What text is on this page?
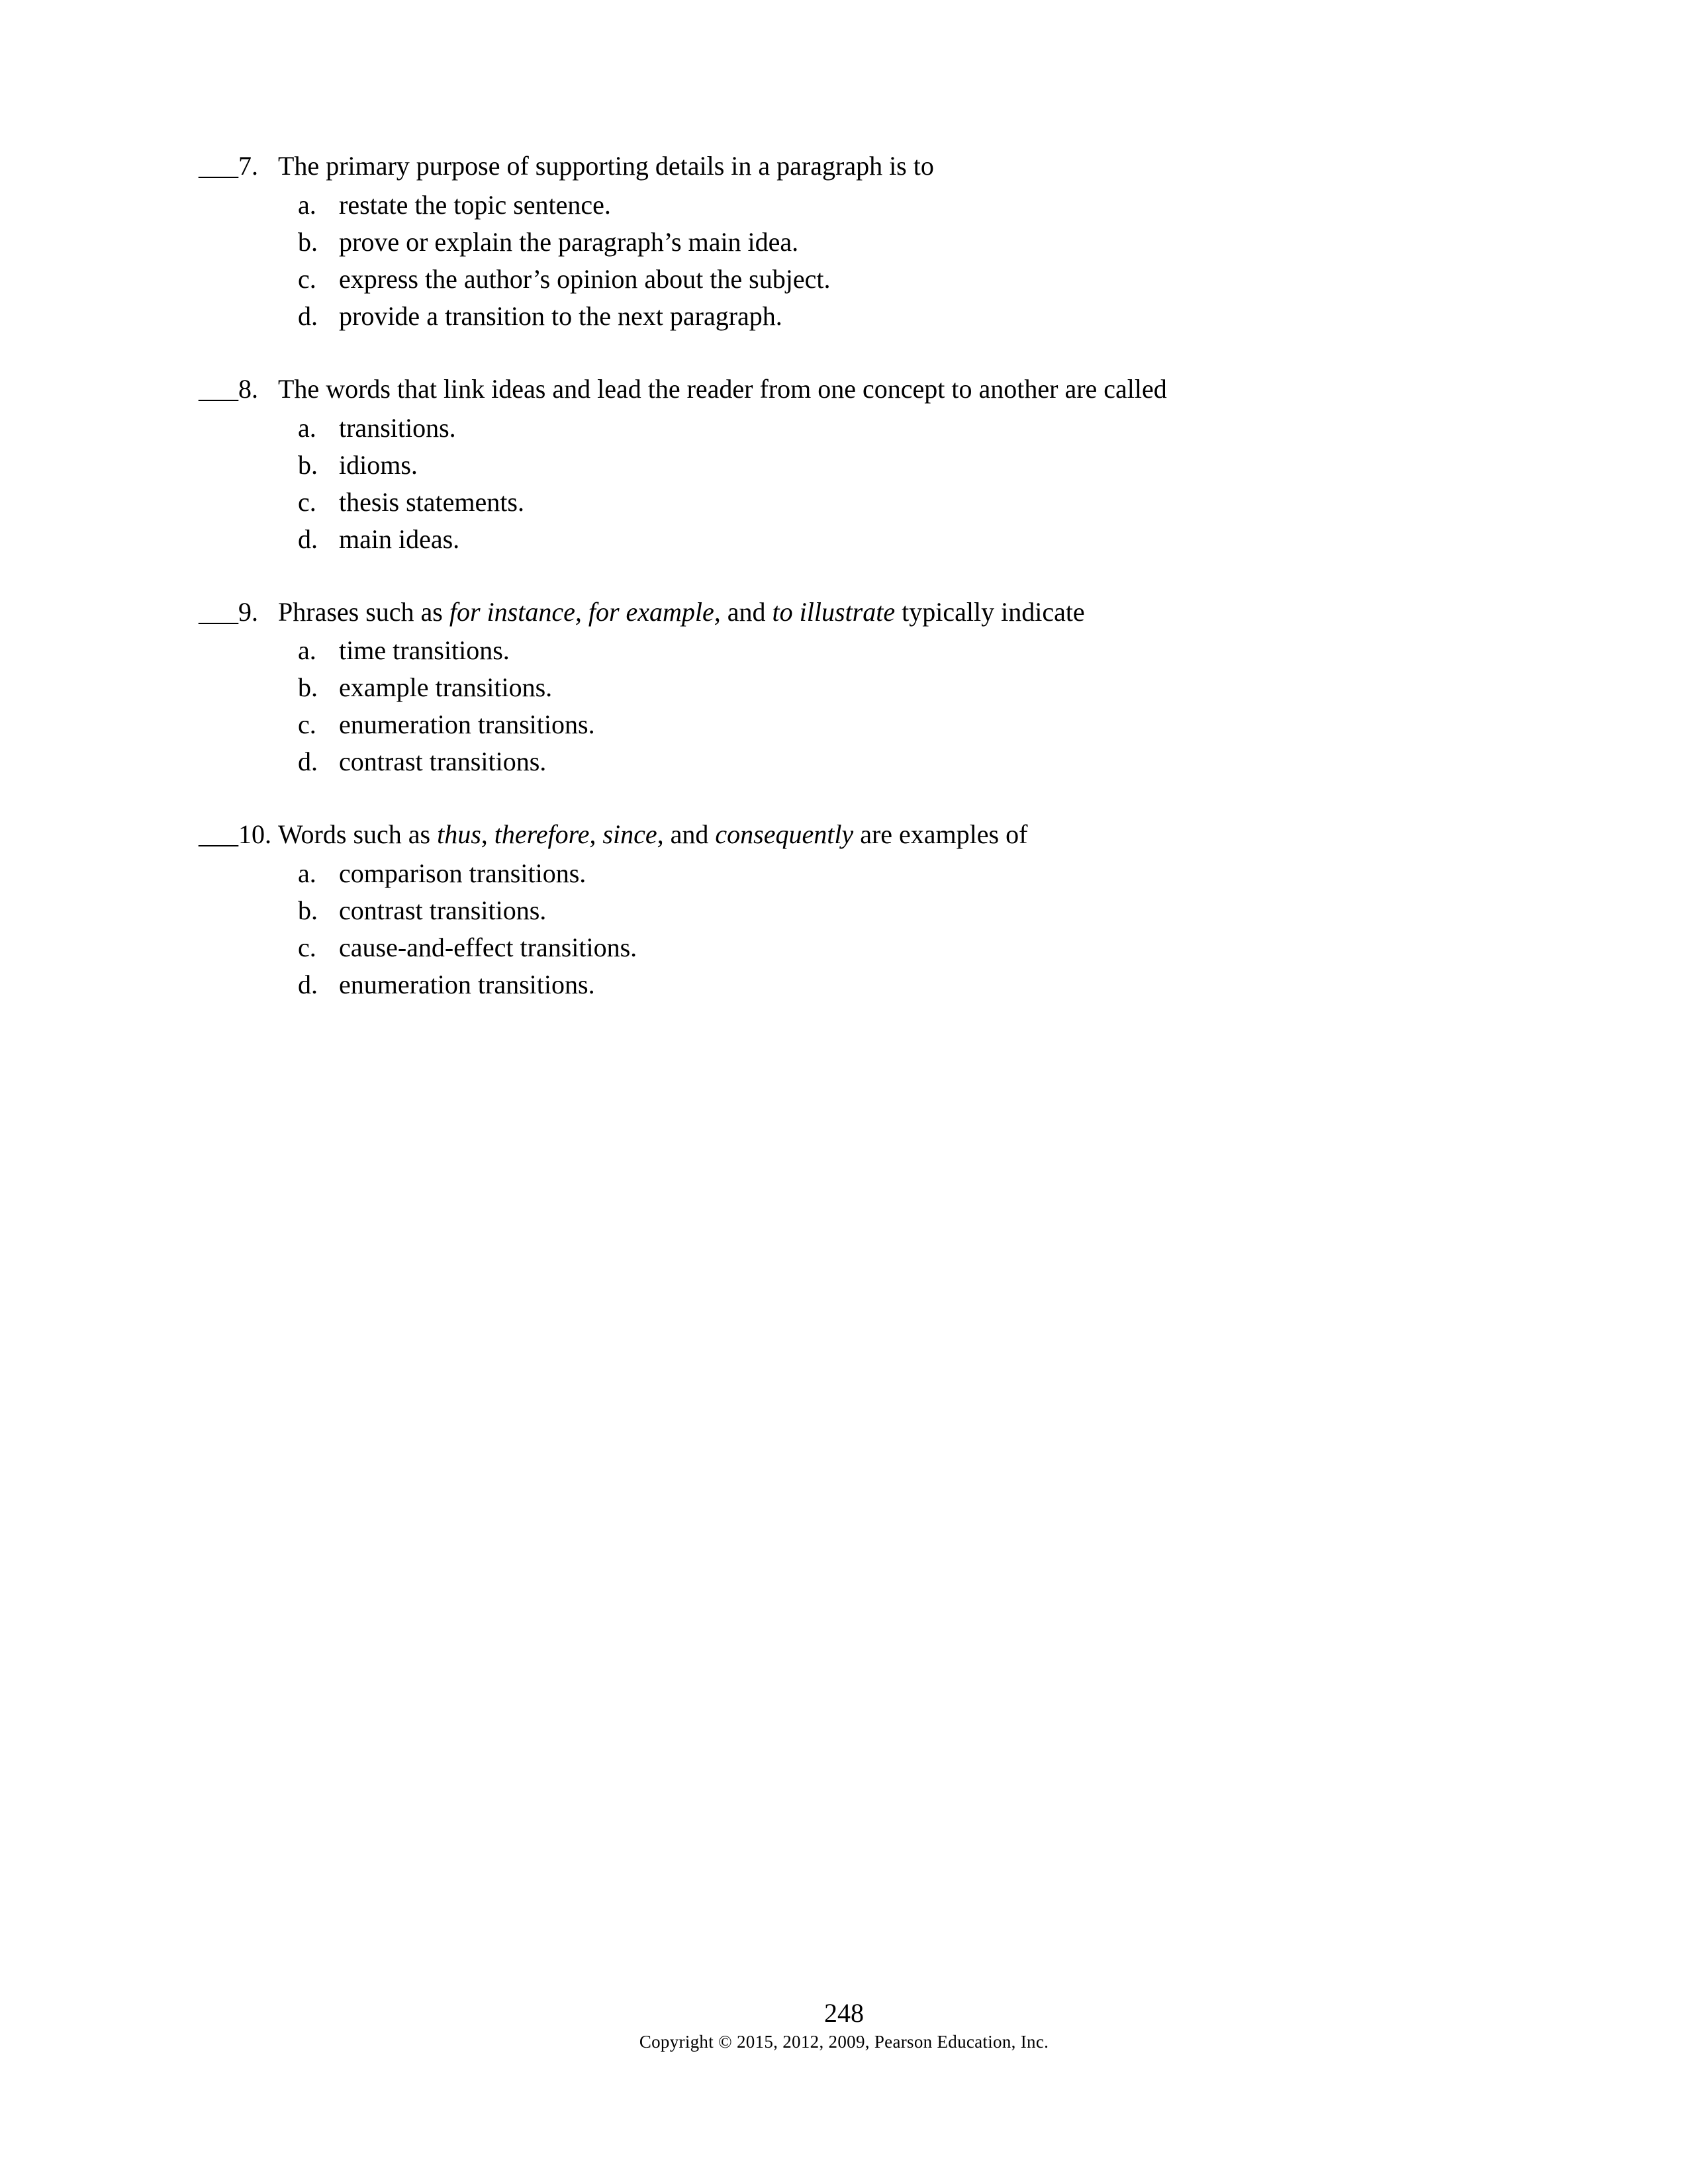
___7. The primary purpose of supporting details in a paragraph is to
a. restate the topic sentence.
b. prove or explain the paragraph’s main idea.
c. express the author’s opinion about the subject.
d. provide a transition to the next paragraph.
___8. The words that link ideas and lead the reader from one concept to another are called
a. transitions.
b. idioms.
c. thesis statements.
d. main ideas.
___9. Phrases such as for instance, for example, and to illustrate typically indicate
a. time transitions.
b. example transitions.
c. enumeration transitions.
d. contrast transitions.
___10. Words such as thus, therefore, since, and consequently are examples of
a. comparison transitions.
b. contrast transitions.
c. cause-and-effect transitions.
d. enumeration transitions.
248
Copyright © 2015, 2012, 2009, Pearson Education, Inc.
